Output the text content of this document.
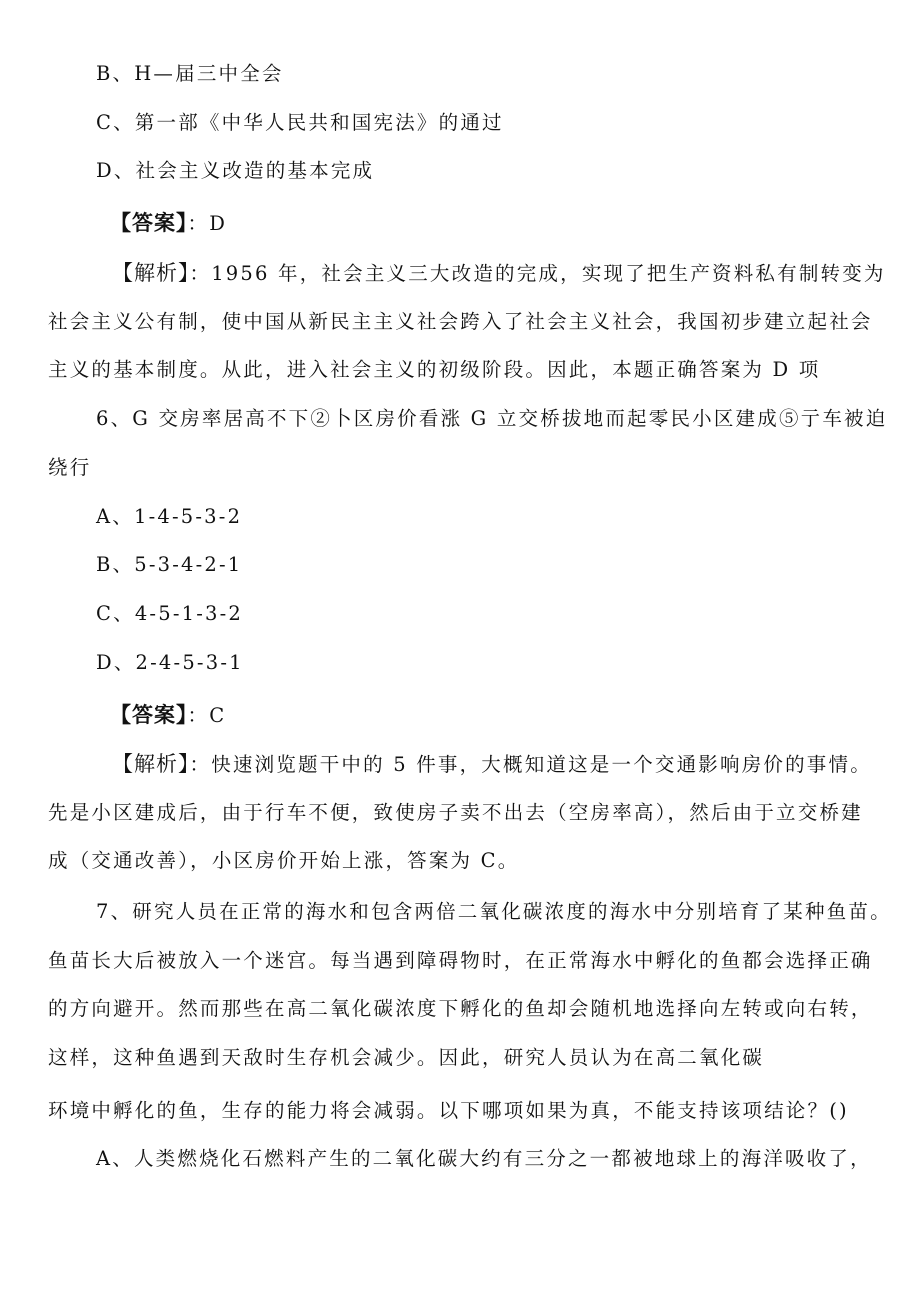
B、H—届三中全会
C、第一部《中华人民共和国宪法》的通过
D、社会主义改造的基本完成
【答案】：D
【解析】：1956 年，社会主义三大改造的完成，实现了把生产资料私有制转变为
社会主义公有制，使中国从新民主主义社会跨入了社会主义社会，我国初步建立起社会
主义的基本制度。从此，进入社会主义的初级阶段。因此，本题正确答案为 D 项
6、G 交房率居高不下②卜区房价看涨 G 立交桥拔地而起零民小区建成⑤亍车被迫
绕行
A、1-4-5-3-2
B、5-3-4-2-1
C、4-5-1-3-2
D、2-4-5-3-1
【答案】：C
【解析】：快速浏览题干中的 5 件事，大概知道这是一个交通影响房价的事情。
先是小区建成后，由于行车不便，致使房子卖不出去（空房率高），然后由于立交桥建
成（交通改善），小区房价开始上涨，答案为 C。
7、研究人员在正常的海水和包含两倍二氧化碳浓度的海水中分别培育了某种鱼苗。
鱼苗长大后被放入一个迷宫。每当遇到障碍物时，在正常海水中孵化的鱼都会选择正确
的方向避开。然而那些在高二氧化碳浓度下孵化的鱼却会随机地选择向左转或向右转，
这样，这种鱼遇到天敌时生存机会减少。因此，研究人员认为在高二氧化碳
环境中孵化的鱼，生存的能力将会减弱。以下哪项如果为真，不能支持该项结论？()
A、人类燃烧化石燃料产生的二氧化碳大约有三分之一都被地球上的海洋吸收了，
